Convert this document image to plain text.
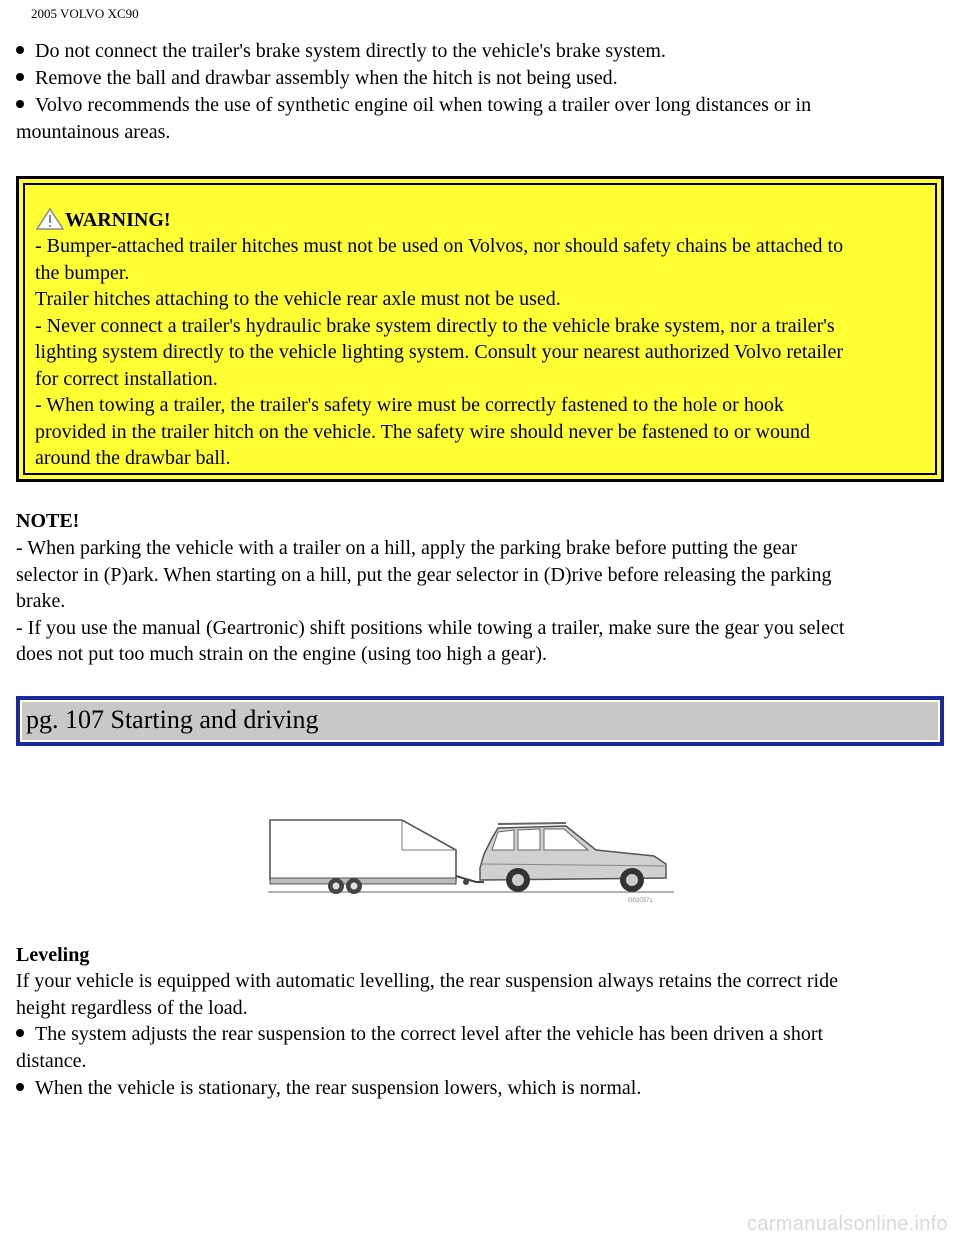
2005 VOLVO XC90

Do not connect the trailer's brake system directly to the vehicle's brake system.

Remove the ball and drawbar assembly when the hitch is not being used.

Volvo recommends the use of synthetic engine oil when towing a trailer over long distances or in

mountainous areas.

WARNING!

- Bumper-attached trailer hitches must not be used on Volvos, nor should safety chains be attached to

the bumper.

Trailer hitches attaching to the vehicle rear axle must not be used.

- Never connect a trailer's hydraulic brake system directly to the vehicle brake system, nor a trailer's

lighting system directly to the vehicle lighting system. Consult your nearest authorized Volvo retailer

for correct installation.

- When towing a trailer, the trailer's safety wire must be correctly fastened to the hole or hook

provided in the trailer hitch on the vehicle. The safety wire should never be fastened to or wound

around the drawbar ball.

NOTE!

- When parking the vehicle with a trailer on a hill, apply the parking brake before putting the gear

selector in (P)ark. When starting on a hill, put the gear selector in (D)rive before releasing the parking

brake.

- If you use the manual (Geartronic) shift positions while towing a trailer, make sure the gear you select

does not put too much strain on the engine (using too high a gear).

pg. 107 Starting and driving
G020371

Leveling

If your vehicle is equipped with automatic levelling, the rear suspension always retains the correct ride

height regardless of the load.

The system adjusts the rear suspension to the correct level after the vehicle has been driven a short

distance.

When the vehicle is stationary, the rear suspension lowers, which is normal.

carmanualsonline.info
